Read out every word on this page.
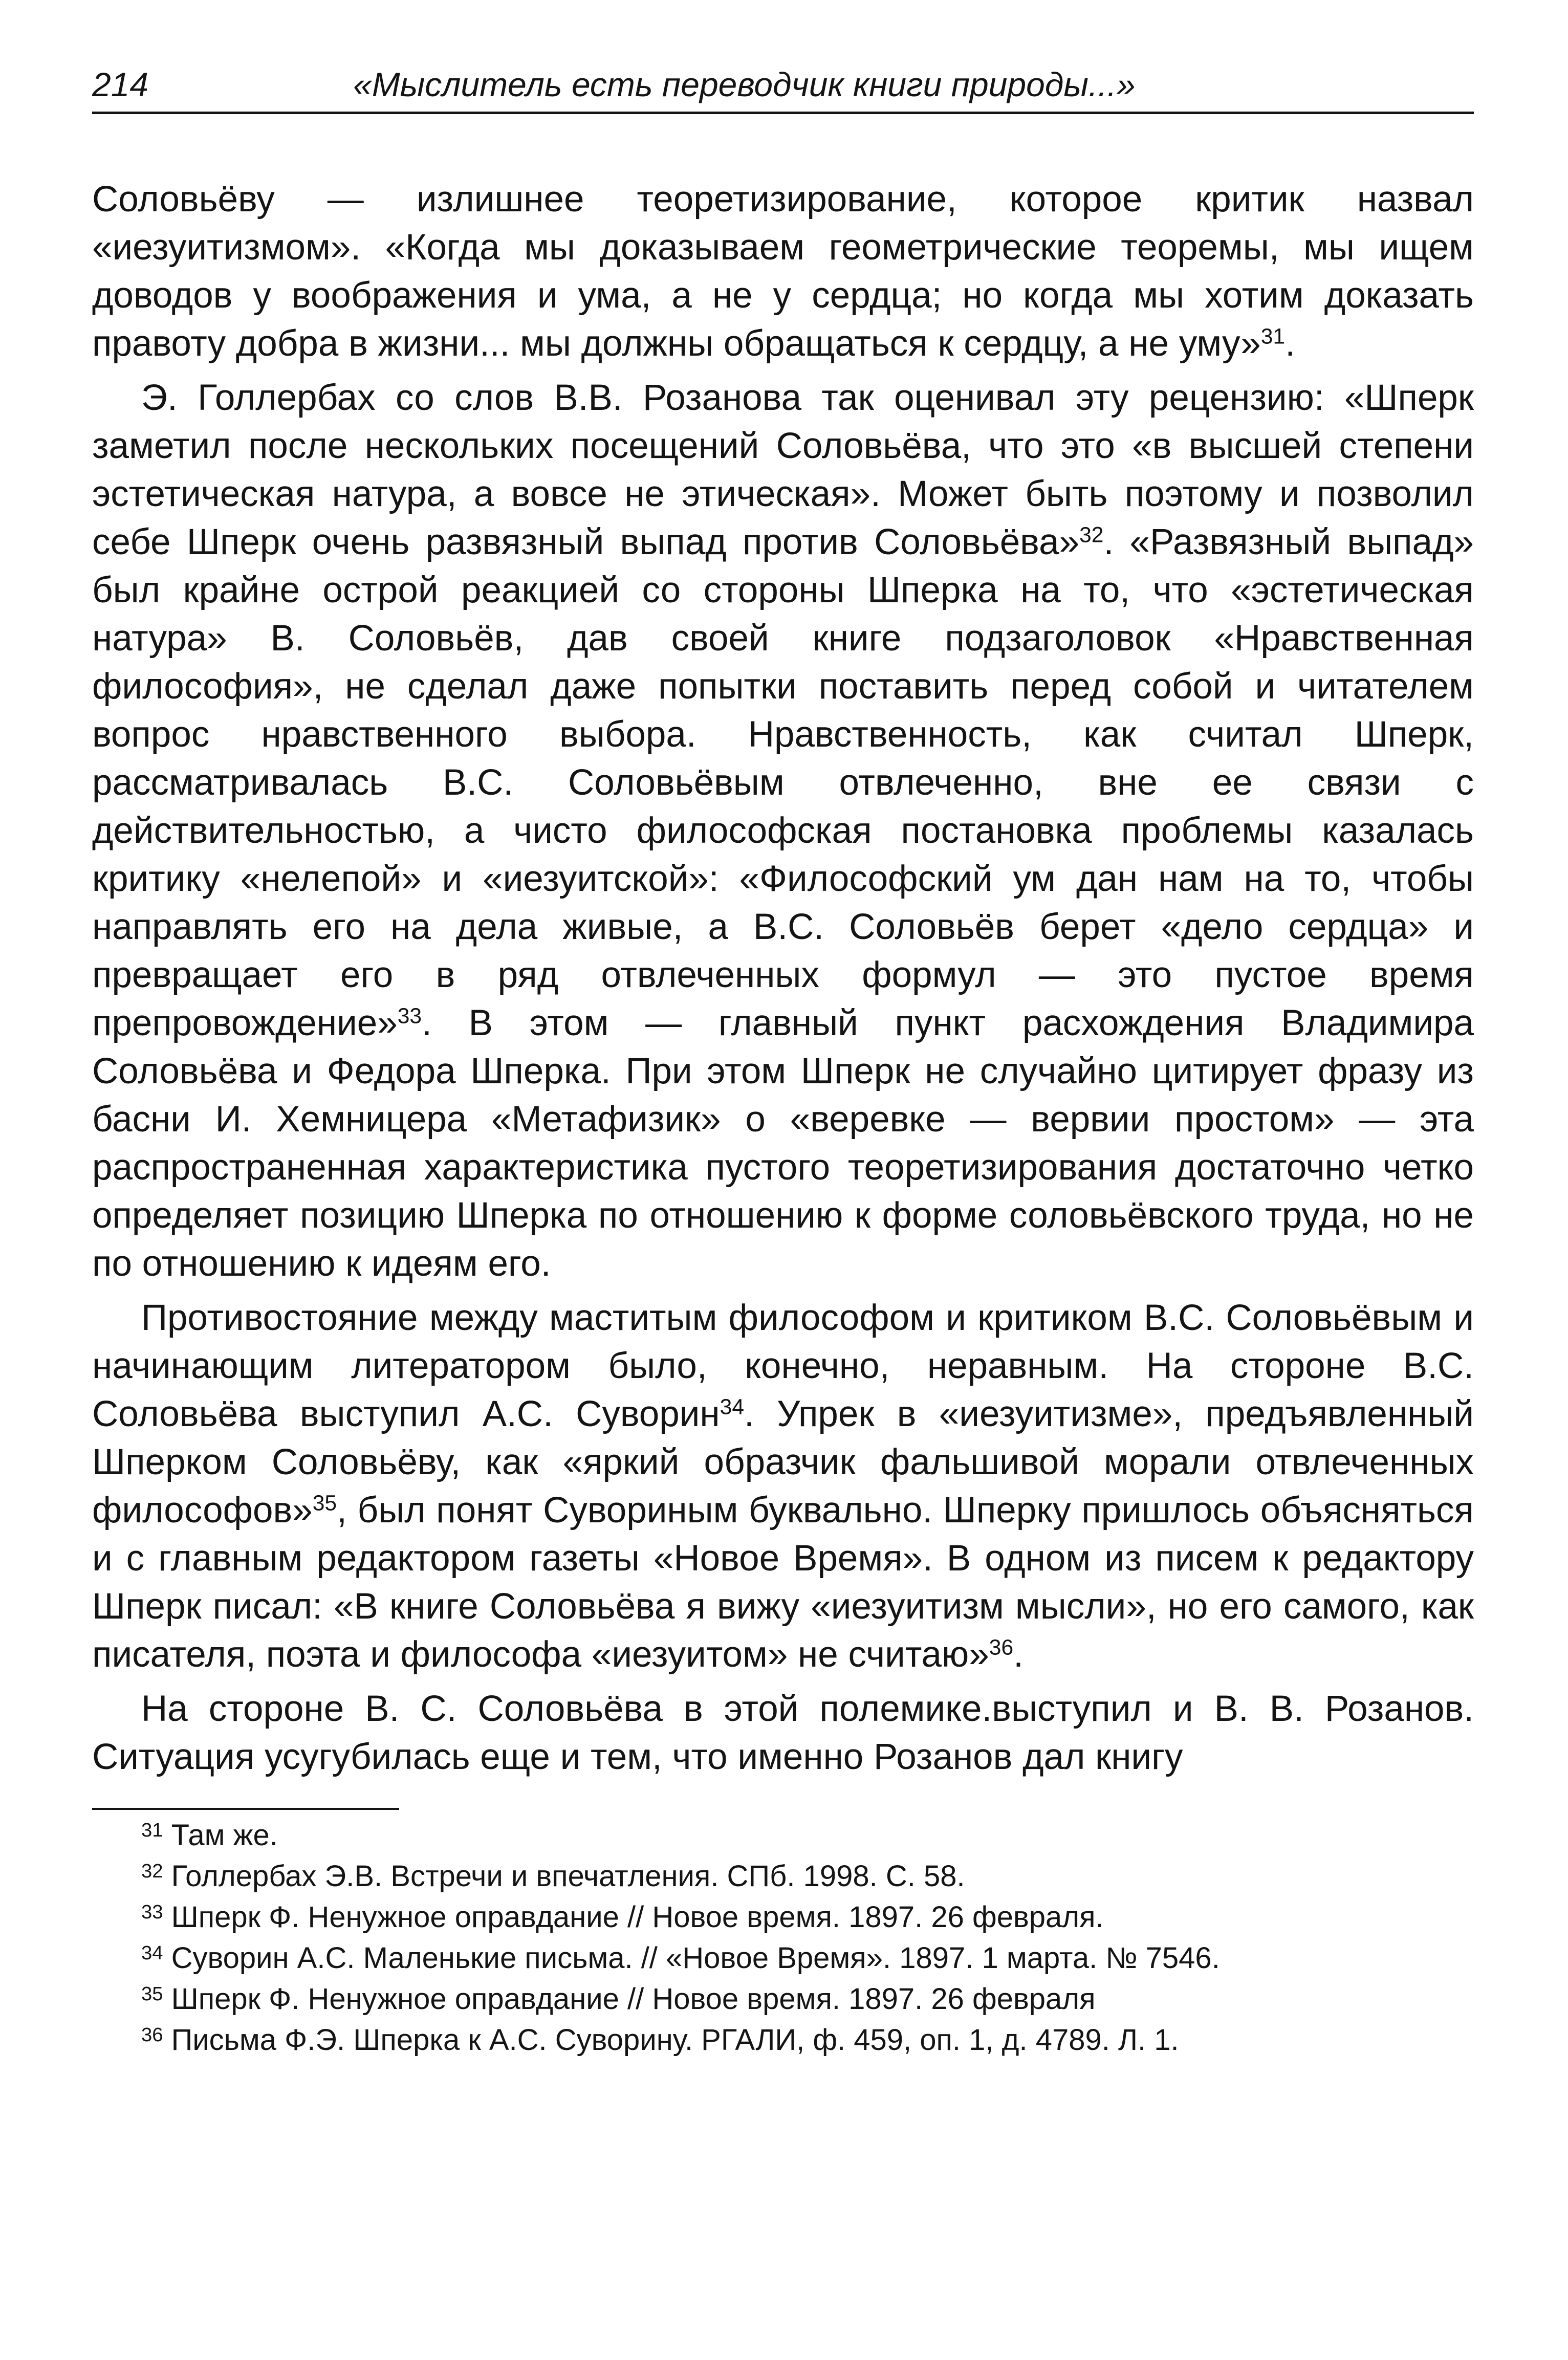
214	«Мыслитель есть переводчик книги природы...»

Соловьёву — излишнее теоретизирование, которое критик назвал «иезуитизмом». «Когда мы доказываем геометрические теоремы, мы ищем доводов у воображения и ума, а не у сердца; но когда мы хотим доказать правоту добра в жизни... мы должны обращаться к сердцу, а не уму»$^{31}$.

Э. Голлербах со слов В.В. Розанова так оценивал эту рецензию: «Шперк заметил после нескольких посещений Соловьёва, что это «в высшей степени эстетическая натура, а вовсе не этическая». Может быть поэтому и позволил себе Шперк очень развязный выпад против Соловьёва»$^{32}$. «Развязный выпад» был крайне острой реакцией со стороны Шперка на то, что «эстетическая натура» В. Соловьёв, дав своей книге подзаголовок «Нравственная философия», не сделал даже попытки поставить перед собой и читателем вопрос нравственного выбора. Нравственность, как считал Шперк, рассматривалась В.С. Соловьёвым отвлеченно, вне ее связи с действительностью, а чисто философская постановка проблемы казалась критику «нелепой» и «иезуитской»: «Философский ум дан нам на то, чтобы направлять его на дела живые, а В.С. Соловьёв берет «дело сердца» и превращает его в ряд отвлеченных формул — это пустое время препровождение»$^{33}$. В этом — главный пункт расхождения Владимира Соловьёва и Федора Шперка. При этом Шперк не случайно цитирует фразу из басни И. Хемницера «Метафизик» о «веревке — вервии простом» — эта распространенная характеристика пустого теоретизирования достаточно четко определяет позицию Шперка по отношению к форме соловьёвского труда, но не по отношению к идеям его.

Противостояние между маститым философом и критиком В.С. Соловьёвым и начинающим литератором было, конечно, неравным. На стороне В.С. Соловьёва выступил А.С. Суворин$^{34}$. Упрек в «иезуитизме», предъявленный Шперком Соловьёву, как «яркий образчик фальшивой морали отвлеченных философов»$^{35}$, был понят Сувориным буквально. Шперку пришлось объясняться и с главным редактором газеты «Новое Время». В одном из писем к редактору Шперк писал: «В книге Соловьёва я вижу «иезуитизм мысли», но его самого, как писателя, поэта и философа «иезуитом» не считаю»$^{36}$.

На стороне В. С. Соловьёва в этой полемике.выступил и В. В. Розанов. Ситуация усугубилась еще и тем, что именно Розанов дал книгу

$^{31}$ Там же.
$^{32}$ Голлербах Э.В. Встречи и впечатления. СПб. 1998. С. 58.
$^{33}$ Шперк Ф. Ненужное оправдание // Новое время. 1897. 26 февраля.
$^{34}$ Суворин А.С. Маленькие письма. // «Новое Время». 1897. 1 марта. № 7546.
$^{35}$ Шперк Ф. Ненужное оправдание // Новое время. 1897. 26 февраля
$^{36}$ Письма Ф.Э. Шперка к А.С. Суворину. РГАЛИ, ф. 459, оп. 1, д. 4789. Л. 1.
